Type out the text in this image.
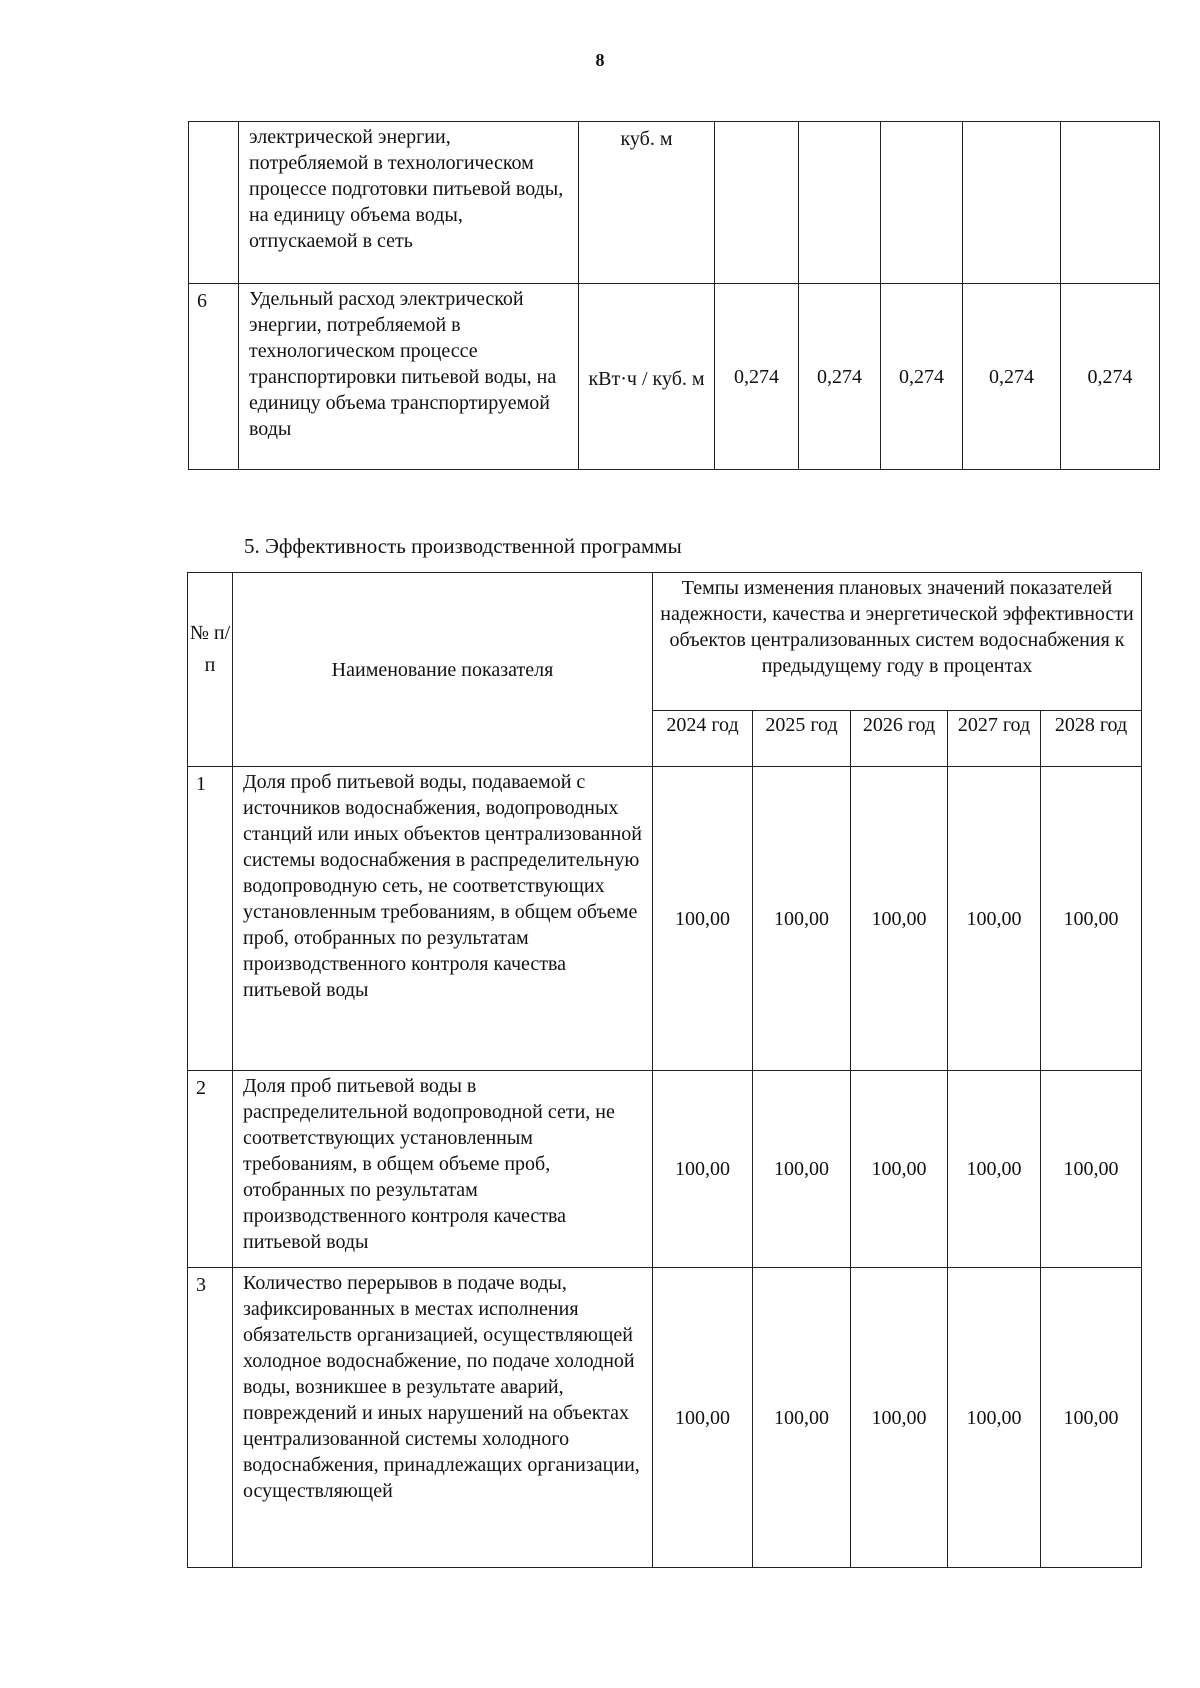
8
	электрической энергии, потребляемой в технологическом процессе подготовки питьевой воды, на единицу объема воды, отпускаемой в сеть	куб. м					
6	Удельный расход электрической энергии, потребляемой в технологическом процессе транспортировки питьевой воды, на единицу объема транспортируемой воды	кВт·ч / куб. м	0,274	0,274	0,274	0,274	0,274
5. Эффективность производственной программы
№ п/ п	Наименование показателя	Темпы изменения плановых значений показателей надежности, качества и энергетической эффективности объектов централизованных систем водоснабжения к предыдущему году в процентах				
		2024 год	2025 год	2026 год	2027 год	2028 год
1	Доля проб питьевой воды, подаваемой с источников водоснабжения, водопроводных станций или иных объектов централизованной системы водоснабжения в распределительную водопроводную сеть, не соответствующих установленным требованиям, в общем объеме проб, отобранных по результатам производственного контроля качества питьевой воды	100,00	100,00	100,00	100,00	100,00
2	Доля проб питьевой воды в распределительной водопроводной сети, не соответствующих установленным требованиям, в общем объеме проб, отобранных по результатам производственного контроля качества питьевой воды	100,00	100,00	100,00	100,00	100,00
3	Количество перерывов в подаче воды, зафиксированных в местах исполнения обязательств организацией, осуществляющей холодное водоснабжение, по подаче холодной воды, возникшее в результате аварий, повреждений и иных нарушений на объектах централизованной системы холодного водоснабжения, принадлежащих организации, осуществляющей	100,00	100,00	100,00	100,00	100,00
